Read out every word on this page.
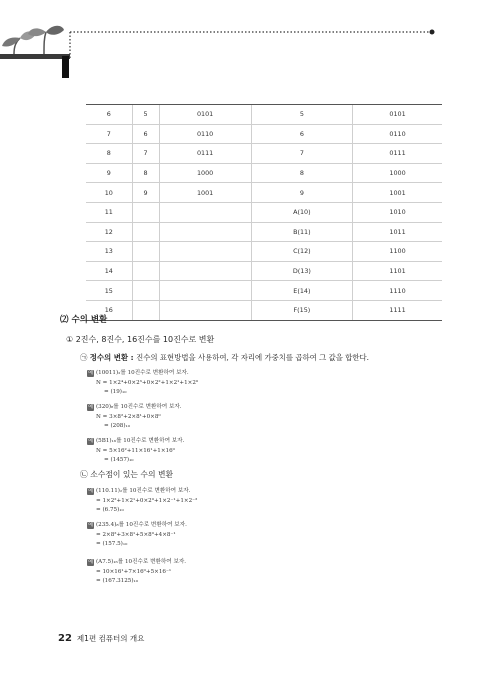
6	5	0101	5	0101
7	6	0110	6	0110
8	7	0111	7	0111
9	8	1000	8	1000
10	9	1001	9	1001
11			A(10)	1010
12			B(11)	1011
13			C(12)	1100
14			D(13)	1101
15			E(14)	1110
16			F(15)	1111
⑵ 수의 변환
① 2진수, 8진수, 16진수를 10진수로 변환
㉠ 정수의 변환 : 진수의 표현방법을 사용하여, 각 자리에 가중치를 곱하여 그 값을 합한다.
예 (10011)₂를 10진수로 변환하여 보자.
N = 1×2⁴+0×2³+0×2²+1×2¹+1×2⁰
= (19)₁₀
예 (320)₈를 10진수로 변환하여 보자.
N = 3×8²+2×8¹+0×8⁰
= (208)₁₀
예 (5B1)₁₆를 10진수로 변환하여 보자.
N = 5×16²+11×16¹+1×16⁰
= (1457)₁₀
㉡ 소수점이 있는 수의 변환
예 (110.11)₂를 10진수로 변환하여 보자.
= 1×2²+1×2¹+0×2⁰+1×2⁻¹+1×2⁻²
= (6.75)₁₀
예 (235.4)₈를 10진수로 변환하여 보자.
= 2×8²+3×8¹+5×8⁰+4×8⁻¹
= (157.5)₁₀
예 (A7.5)₁₆를 10진수로 변환하여 보자.
= 10×16¹+7×16⁰+5×16⁻¹
= (167.3125)₁₀
22 제1편 컴퓨터의 개요
